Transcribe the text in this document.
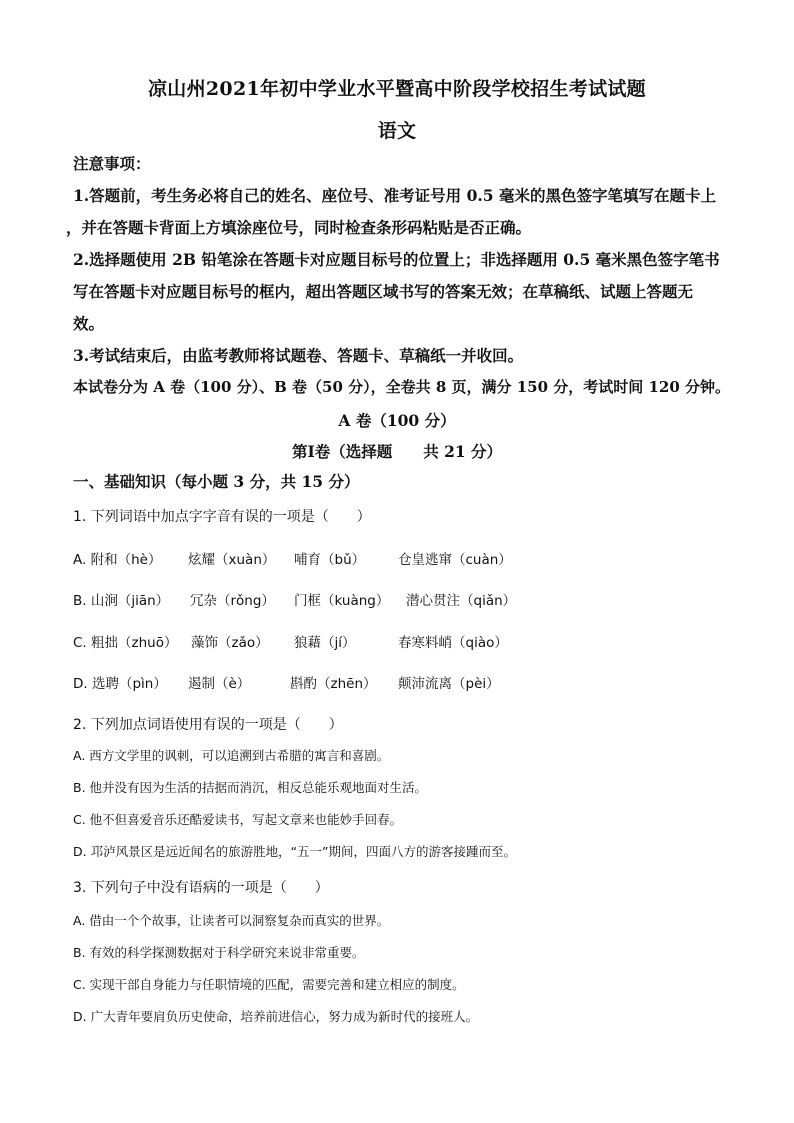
凉山州2021年初中学业水平暨高中阶段学校招生考试试题
语文
注意事项：
1.答题前，考生务必将自己的姓名、座位号、准考证号用 0.5 毫米的黑色签字笔填写在题卡上
，并在答题卡背面上方填涂座位号，同时检查条形码粘贴是否正确。
2.选择题使用 2B 铅笔涂在答题卡对应题目标号的位置上；非选择题用 0.5 毫米黑色签字笔书
写在答题卡对应题目标号的框内，超出答题区域书写的答案无效；在草稿纸、试题上答题无
效。
3.考试结束后，由监考教师将试题卷、答题卡、草稿纸一并收回。
本试卷分为 A 卷（100 分）、B 卷（50 分），全卷共 8 页，满分 150 分，考试时间 120 分钟。
A 卷（100 分）
第Ⅰ卷（选择题　　共 21 分）
一、基础知识（每小题 3 分，共 15 分）
1. 下列词语中加点字字音有误的一项是（　　）
A. 附和（hè） 炫耀（xuàn） 哺育（bǔ） 仓皇逃窜（cuàn）
B. 山涧（jiān） 冗杂（rǒng） 门框（kuàng） 潜心贯注（qiǎn）
C. 粗拙（zhuō） 藻饰（zǎo） 狼藉（jí）	春寒料峭（qiào）
D. 选聘（pìn） 遏制（è）	斟酌（zhēn） 颠沛流离（pèi）
2. 下列加点词语使用有误的一项是（　　）
A. 西方文学里的讽刺，可以追溯到古希腊的寓言和喜剧。
B. 他并没有因为生活的拮据而消沉，相反总能乐观地面对生活。
C. 他不但喜爱音乐还酷爱读书，写起文章来也能妙手回春。
D. 邛泸风景区是远近闻名的旅游胜地，“五一”期间，四面八方的游客接踵而至。
3. 下列句子中没有语病的一项是（　　）
A. 借由一个个故事，让读者可以洞察复杂而真实的世界。
B. 有效的科学探测数据对于科学研究来说非常重要。
C. 实现干部自身能力与任职情境的匹配，需要完善和建立相应的制度。
D. 广大青年要肩负历史使命，培养前进信心，努力成为新时代的接班人。
